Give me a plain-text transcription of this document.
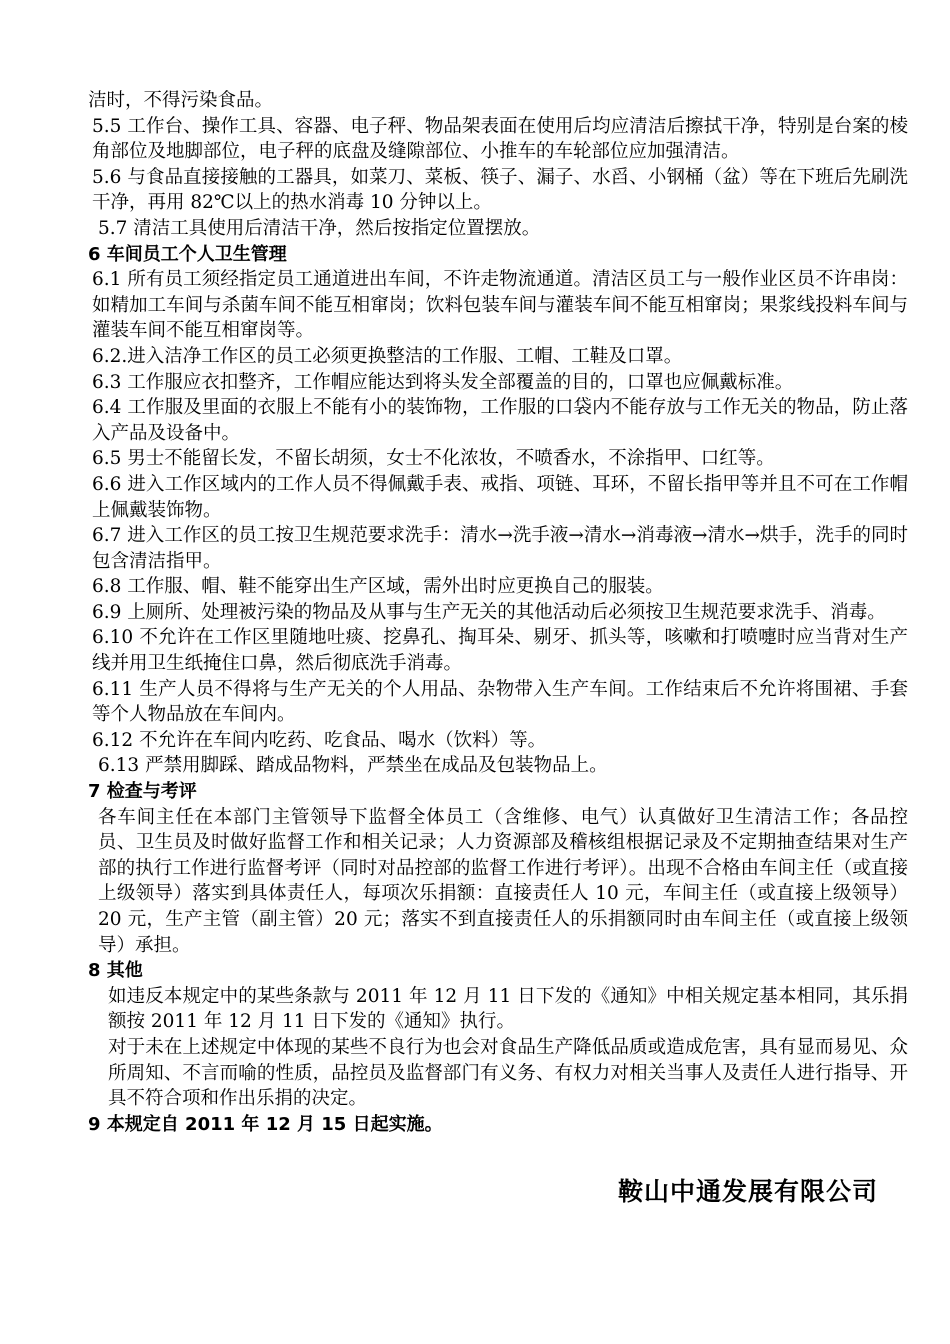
洁时，不得污染食品。

5.5 工作台、操作工具、容器、电子秤、物品架表面在使用后均应清洁后擦拭干净，特别是台案的棱角部位及地脚部位，电子秤的底盘及缝隙部位、小推车的车轮部位应加强清洁。

5.6 与食品直接接触的工器具，如菜刀、菜板、筷子、漏子、水舀、小钢桶（盆）等在下班后先刷洗干净，再用 82℃以上的热水消毒 10 分钟以上。

5.7 清洁工具使用后清洁干净，然后按指定位置摆放。

6 车间员工个人卫生管理

6.1 所有员工须经指定员工通道进出车间，不许走物流通道。清洁区员工与一般作业区员不许串岗：如精加工车间与杀菌车间不能互相窜岗；饮料包装车间与灌装车间不能互相窜岗；果浆线投料车间与灌装车间不能互相窜岗等。

6.2.进入洁净工作区的员工必须更换整洁的工作服、工帽、工鞋及口罩。

6.3 工作服应衣扣整齐，工作帽应能达到将头发全部覆盖的目的，口罩也应佩戴标准。

6.4 工作服及里面的衣服上不能有小的装饰物，工作服的口袋内不能存放与工作无关的物品，防止落入产品及设备中。

6.5 男士不能留长发，不留长胡须，女士不化浓妆，不喷香水，不涂指甲、口红等。

6.6 进入工作区域内的工作人员不得佩戴手表、戒指、项链、耳环，不留长指甲等并且不可在工作帽上佩戴装饰物。

6.7 进入工作区的员工按卫生规范要求洗手：清水→洗手液→清水→消毒液→清水→烘手，洗手的同时包含清洁指甲。

6.8 工作服、帽、鞋不能穿出生产区域，需外出时应更换自己的服装。

6.9 上厕所、处理被污染的物品及从事与生产无关的其他活动后必须按卫生规范要求洗手、消毒。

6.10 不允许在工作区里随地吐痰、挖鼻孔、掏耳朵、剔牙、抓头等，咳嗽和打喷嚏时应当背对生产线并用卫生纸掩住口鼻，然后彻底洗手消毒。

6.11 生产人员不得将与生产无关的个人用品、杂物带入生产车间。工作结束后不允许将围裙、手套等个人物品放在车间内。

6.12 不允许在车间内吃药、吃食品、喝水（饮料）等。

6.13 严禁用脚踩、踏成品物料，严禁坐在成品及包装物品上。

7 检查与考评

各车间主任在本部门主管领导下监督全体员工（含维修、电气）认真做好卫生清洁工作；各品控员、卫生员及时做好监督工作和相关记录；人力资源部及稽核组根据记录及不定期抽查结果对生产部的执行工作进行监督考评（同时对品控部的监督工作进行考评）。出现不合格由车间主任（或直接上级领导）落实到具体责任人，每项次乐捐额：直接责任人 10 元，车间主任（或直接上级领导）20 元，生产主管（副主管）20 元；落实不到直接责任人的乐捐额同时由车间主任（或直接上级领导）承担。

8 其他

如违反本规定中的某些条款与 2011 年 12 月 11 日下发的《通知》中相关规定基本相同，其乐捐额按 2011 年 12 月 11 日下发的《通知》执行。

对于未在上述规定中体现的某些不良行为也会对食品生产降低品质或造成危害，具有显而易见、众所周知、不言而喻的性质，品控员及监督部门有义务、有权力对相关当事人及责任人进行指导、开具不符合项和作出乐捐的决定。

9 本规定自 2011 年 12 月 15 日起实施。

鞍山中通发展有限公司
